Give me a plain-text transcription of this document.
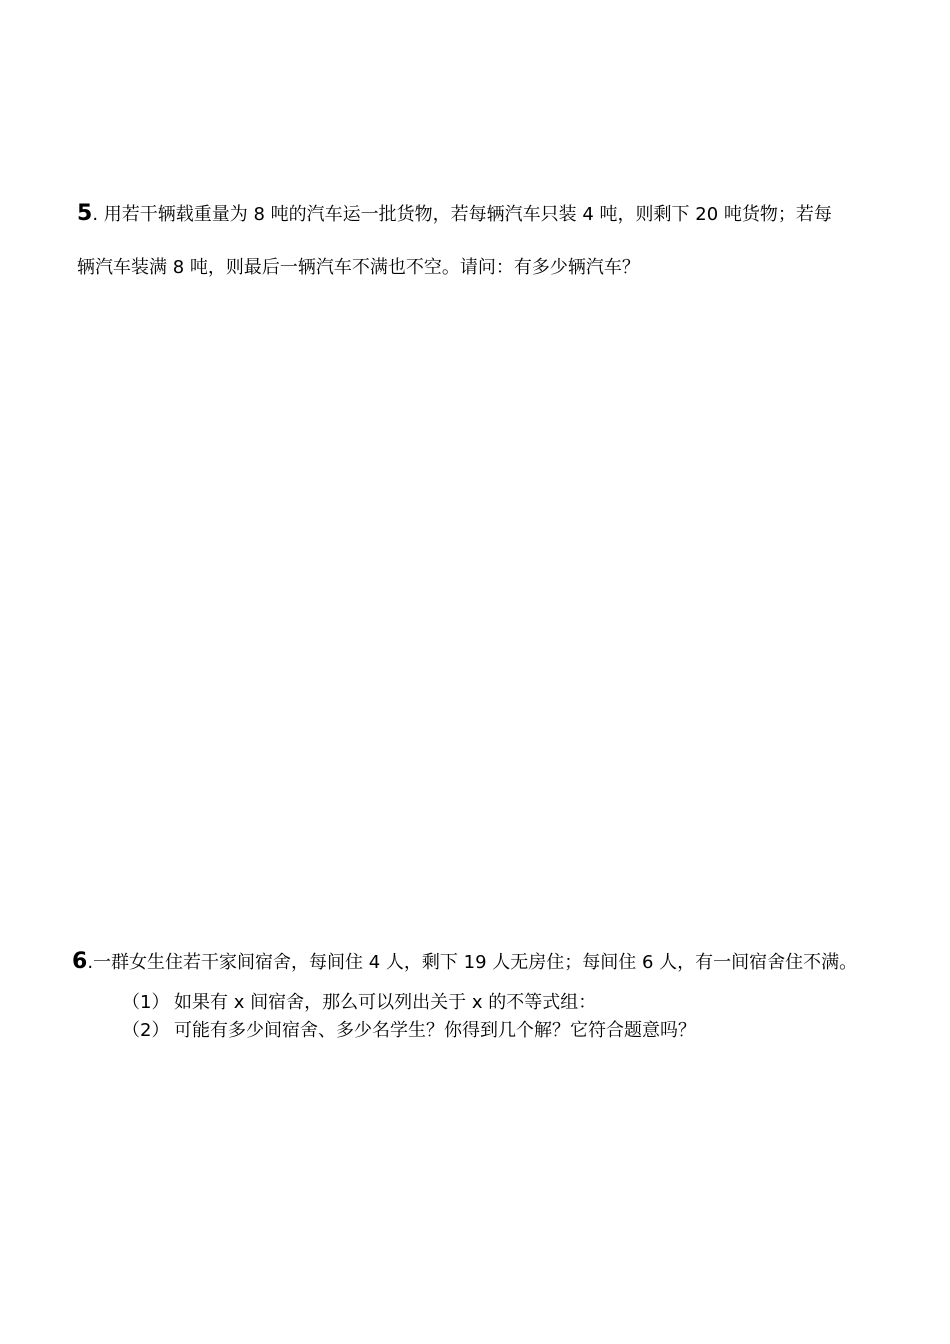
5. 用若干辆载重量为 8 吨的汽车运一批货物，若每辆汽车只装 4 吨，则剩下 20 吨货物；若每
辆汽车装满 8 吨，则最后一辆汽车不满也不空。请问：有多少辆汽车？
6.一群女生住若干家间宿舍，每间住 4 人，剩下 19 人无房住；每间住 6 人，有一间宿舍住不满。
（1） 如果有 x 间宿舍，那么可以列出关于 x 的不等式组：
（2） 可能有多少间宿舍、多少名学生？你得到几个解？它符合题意吗？
